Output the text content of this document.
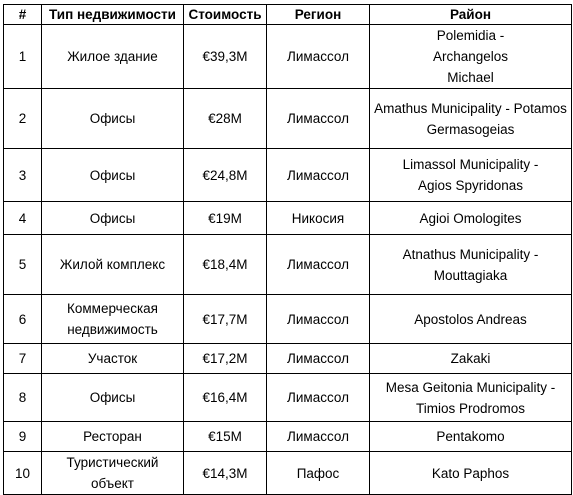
#	Тип недвижимости	Стоимость	Регион	Район
1	Жилое здание	€39,3M	Лимассол	Polemidia - Archangelos Michael
2	Офисы	€28M	Лимассол	Amathus Municipality - Potamos Germasogeias
3	Офисы	€24,8M	Лимассол	Limassol Municipality - Agios Spyridonas
4	Офисы	€19M	Никосия	Agioi Omologites
5	Жилой комплекс	€18,4M	Лимассол	Atnathus Municipality - Mouttagiaka
6	Коммерческая недвижимость	€17,7M	Лимассол	Apostolos Andreas
7	Участок	€17,2M	Лимассол	Zakaki
8	Офисы	€16,4M	Лимассол	Mesa Geitonia Municipality - Timios Prodromos
9	Ресторан	€15M	Лимассол	Pentakomo
10	Туристический объект	€14,3M	Пафос	Kato Paphos
